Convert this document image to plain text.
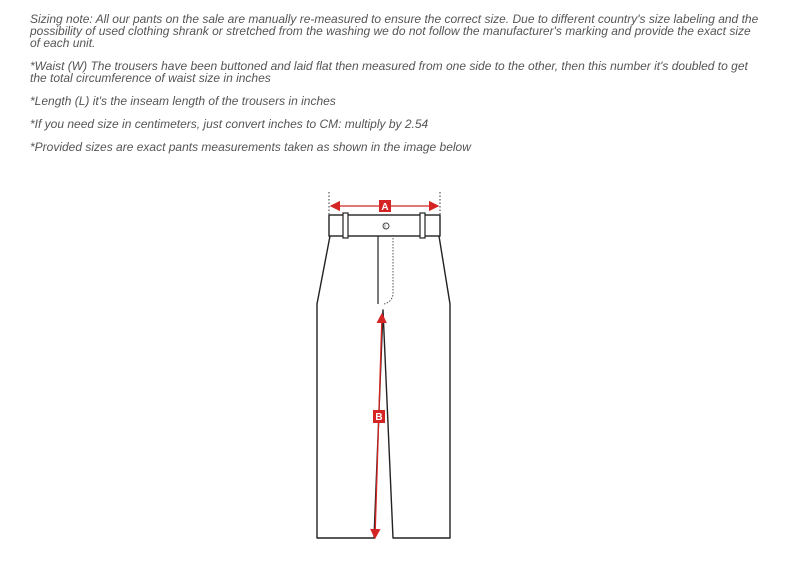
Sizing note: All our pants on the sale are manually re-measured to ensure the correct size. Due to different country's size labeling and the possibility of used clothing shrank or stretched from the washing we do not follow the manufacturer's marking and provide the exact size of each unit.

*Waist (W) The trousers have been buttoned and laid flat then measured from one side to the other, then this number it's doubled to get the total circumference of waist size in inches

*Length (L) it's the inseam length of the trousers in inches

*If you need size in centimeters, just convert inches to CM: multiply by 2.54

*Provided sizes are exact pants measurements taken as shown in the image below

A
B
